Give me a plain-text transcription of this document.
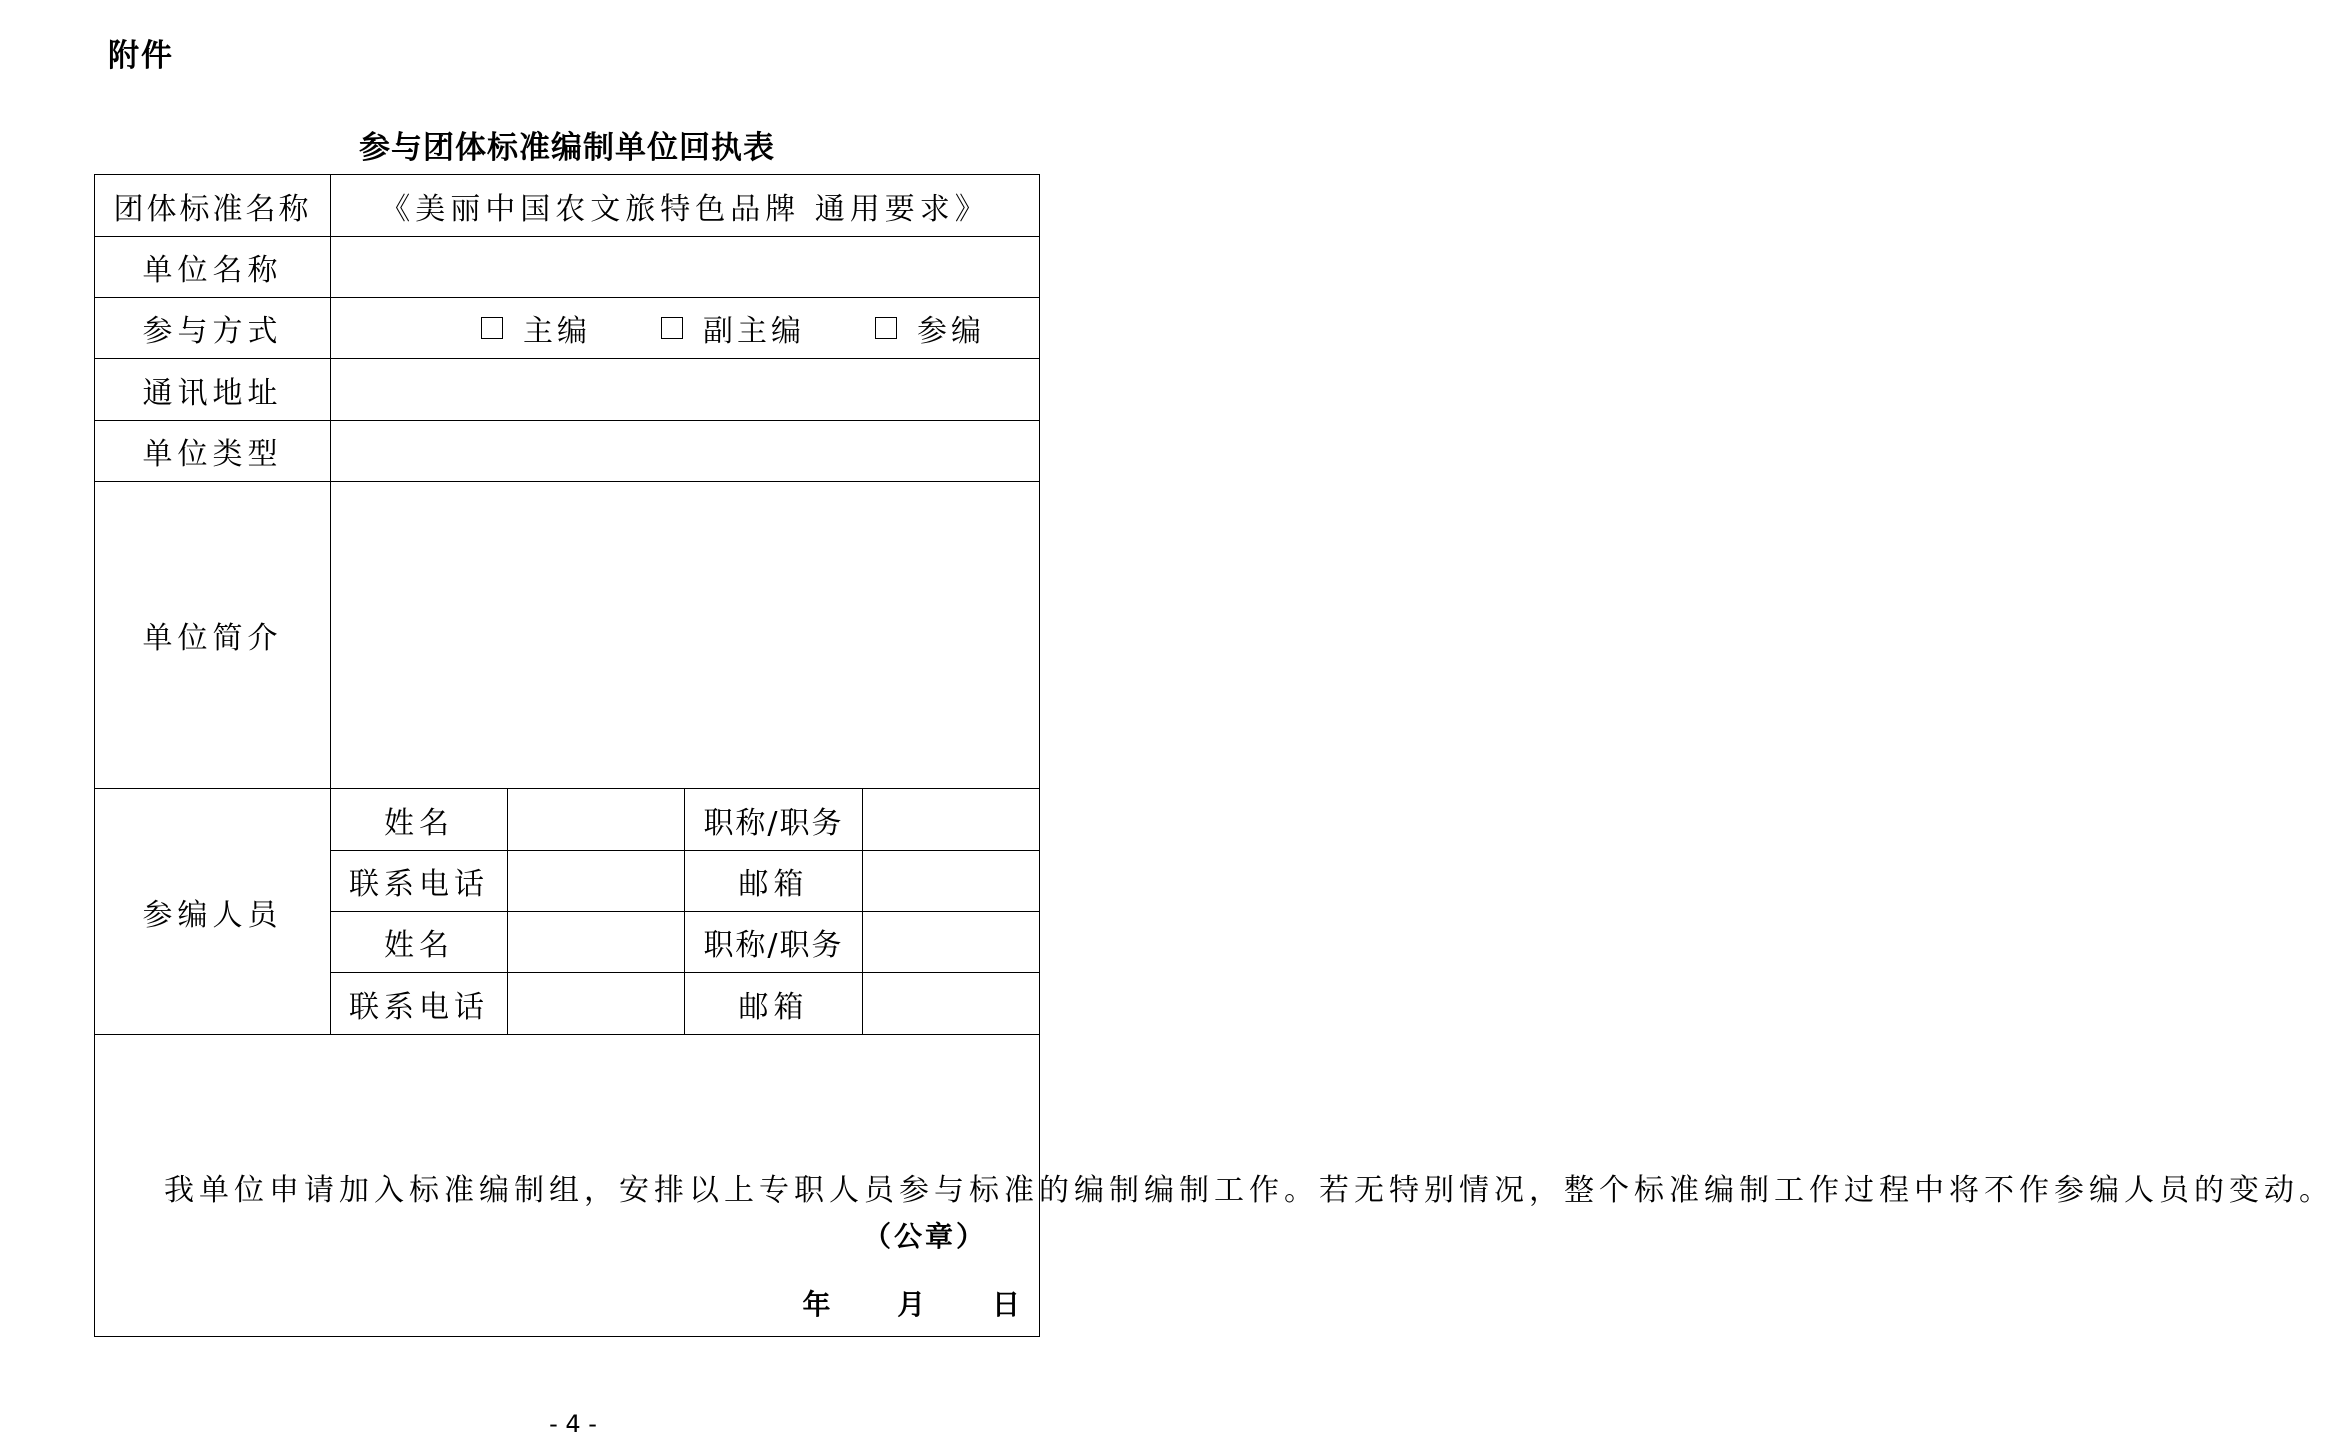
附件
参与团体标准编制单位回执表
团体标准名称	《美丽中国农文旅特色品牌 通用要求》			
单位名称				
参与方式	主编 副主编 参编			

通讯地址				
单位类型				
单位简介				
参编人员	姓名		职称/职务	
	联系电话		邮箱	
	姓名		职称/职务	
	联系电话		邮箱	

我单位申请加入标准编制组，安排以上专职人员参与标准的编制编制工作。若无特别情况，整个标准编制工作过程中将不作参编人员的变动。
（公章）
年 月 日				
- 4 -
